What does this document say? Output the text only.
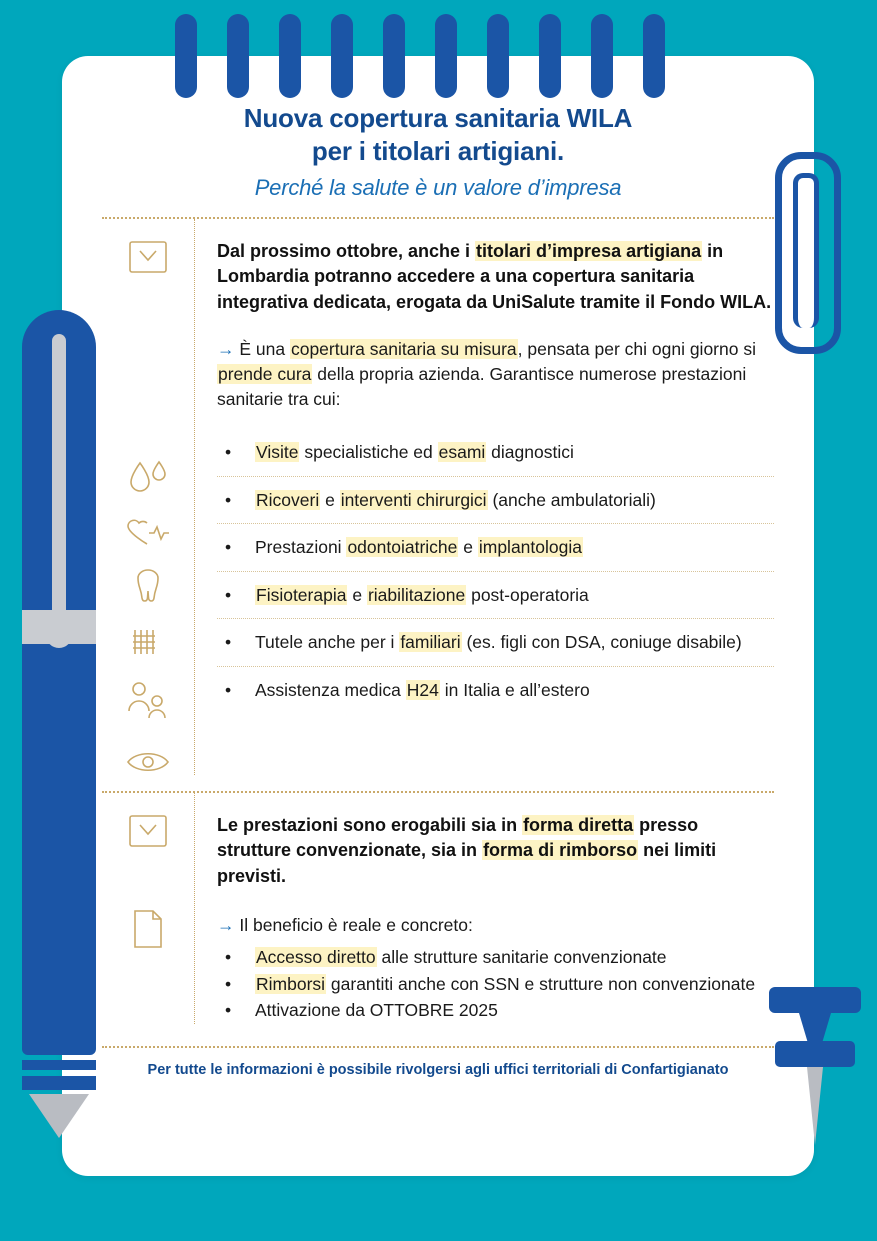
Nuova copertura sanitaria WILA
per i titolari artigiani.
Perché la salute è un valore d’impresa

Dal prossimo ottobre, anche i titolari d’impresa artigiana in Lombardia potranno accedere a una copertura sanitaria integrativa dedicata, erogata da UniSalute tramite il Fondo WILA.

→ È una copertura sanitaria su misura, pensata per chi ogni giorno si prende cura della propria azienda. Garantisce numerose prestazioni sanitarie tra cui:

•	Visite specialistiche ed esami diagnostici
•	Ricoveri e interventi chirurgici (anche ambulatoriali)
•	Prestazioni odontoiatriche e implantologia
•	Fisioterapia e riabilitazione post-operatoria
•	Tutele anche per i familiari (es. figli con DSA, coniuge disabile)
•	Assistenza medica H24 in Italia e all’estero

Le prestazioni sono erogabili sia in forma diretta presso strutture convenzionate, sia in forma di rimborso nei limiti previsti.

→ Il beneficio è reale e concreto:

•	Accesso diretto alle strutture sanitarie convenzionate
•	Rimborsi garantiti anche con SSN e strutture non convenzionate
•	Attivazione da OTTOBRE 2025
Per tutte le informazioni è possibile rivolgersi agli uffici territoriali di Confartigianato
